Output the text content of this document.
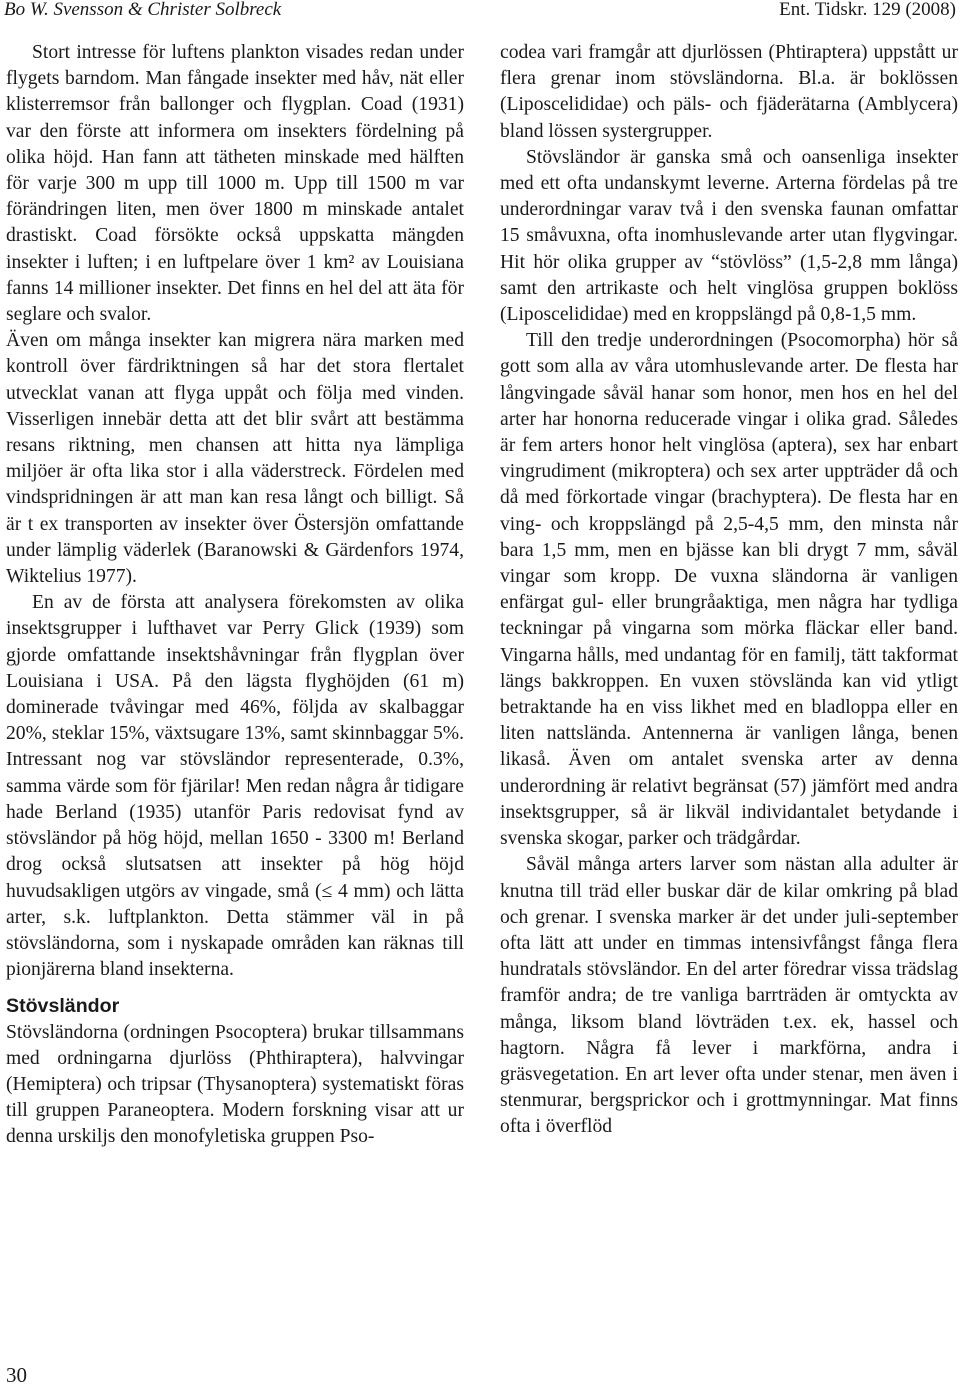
Bo W. Svensson & Christer Solbreck	Ent. Tidskr. 129 (2008)

Stort intresse för luftens plankton visades redan under flygets barndom. Man fångade insekter med håv, nät eller klisterremsor från ballonger och flygplan. Coad (1931) var den förste att informera om insekters fördelning på olika höjd. Han fann att tätheten minskade med hälften för varje 300 m upp till 1000 m. Upp till 1500 m var förändringen liten, men över 1800 m minskade antalet drastiskt. Coad försökte också uppskatta mängden insekter i luften; i en luftpelare över 1 km² av Louisiana fanns 14 millioner insekter. Det finns en hel del att äta för seglare och svalor.

Även om många insekter kan migrera nära marken med kontroll över färdriktningen så har det stora flertalet utvecklat vanan att flyga uppåt och följa med vinden. Visserligen innebär detta att det blir svårt att bestämma resans riktning, men chansen att hitta nya lämpliga miljöer är ofta lika stor i alla väderstreck. Fördelen med vindspridningen är att man kan resa långt och billigt. Så är t ex transporten av insekter över Östersjön omfattande under lämplig väderlek (Baranowski & Gärdenfors 1974, Wiktelius 1977).

En av de första att analysera förekomsten av olika insektsgrupper i lufthavet var Perry Glick (1939) som gjorde omfattande insektshåvningar från flygplan över Louisiana i USA. På den lägsta flyghöjden (61 m) dominerade tvåvingar med 46%, följda av skalbaggar 20%, steklar 15%, växtsugare 13%, samt skinnbaggar 5%. Intressant nog var stövsländor representerade, 0.3%, samma värde som för fjärilar! Men redan några år tidigare hade Berland (1935) utanför Paris redovisat fynd av stövsländor på hög höjd, mellan 1650 - 3300 m! Berland drog också slutsatsen att insekter på hög höjd huvudsakligen utgörs av vingade, små (≤ 4 mm) och lätta arter, s.k. luftplankton. Detta stämmer väl in på stövsländorna, som i nyskapade områden kan räknas till pionjärerna bland insekterna.

Stövsländor

Stövsländorna (ordningen Psocoptera) brukar tillsammans med ordningarna djurlöss (Phthiraptera), halvvingar (Hemiptera) och tripsar (Thysanoptera) systematiskt föras till gruppen Paraneoptera. Modern forskning visar att ur denna urskiljs den monofyletiska gruppen Pso-

codea vari framgår att djurlössen (Phtiraptera) uppstått ur flera grenar inom stövsländorna. Bl.a. är boklössen (Liposcelididae) och päls- och fjäderätarna (Amblycera) bland lössen systergrupper.

Stövsländor är ganska små och oansenliga insekter med ett ofta undanskymt leverne. Arterna fördelas på tre underordningar varav två i den svenska faunan omfattar 15 småvuxna, ofta inomhuslevande arter utan flygvingar. Hit hör olika grupper av “stövlöss” (1,5-2,8 mm långa) samt den artrikaste och helt vinglösa gruppen boklöss (Liposcelididae) med en kroppslängd på 0,8-1,5 mm.

Till den tredje underordningen (Psocomorpha) hör så gott som alla av våra utomhuslevande arter. De flesta har långvingade såväl hanar som honor, men hos en hel del arter har honorna reducerade vingar i olika grad. Således är fem arters honor helt vinglösa (aptera), sex har enbart vingrudiment (mikroptera) och sex arter uppträder då och då med förkortade vingar (brachyptera). De flesta har en ving- och kroppslängd på 2,5-4,5 mm, den minsta når bara 1,5 mm, men en bjässe kan bli drygt 7 mm, såväl vingar som kropp. De vuxna sländorna är vanligen enfärgat gul- eller brungråaktiga, men några har tydliga teckningar på vingarna som mörka fläckar eller band. Vingarna hålls, med undantag för en familj, tätt takformat längs bakkroppen. En vuxen stövslända kan vid ytligt betraktande ha en viss likhet med en bladloppa eller en liten nattslända. Antennerna är vanligen långa, benen likaså. Även om antalet svenska arter av denna underordning är relativt begränsat (57) jämfört med andra insektsgrupper, så är likväl individantalet betydande i svenska skogar, parker och trädgårdar.

Såväl många arters larver som nästan alla adulter är knutna till träd eller buskar där de kilar omkring på blad och grenar. I svenska marker är det under juli-september ofta lätt att under en timmas intensivfångst fånga flera hundratals stövsländor. En del arter föredrar vissa trädslag framför andra; de tre vanliga barrträden är omtyckta av många, liksom bland lövträden t.ex. ek, hassel och hagtorn. Några få lever i markförna, andra i gräsvegetation. En art lever ofta under stenar, men även i stenmurar, bergsprickor och i grottmynningar. Mat finns ofta i överflöd

30
